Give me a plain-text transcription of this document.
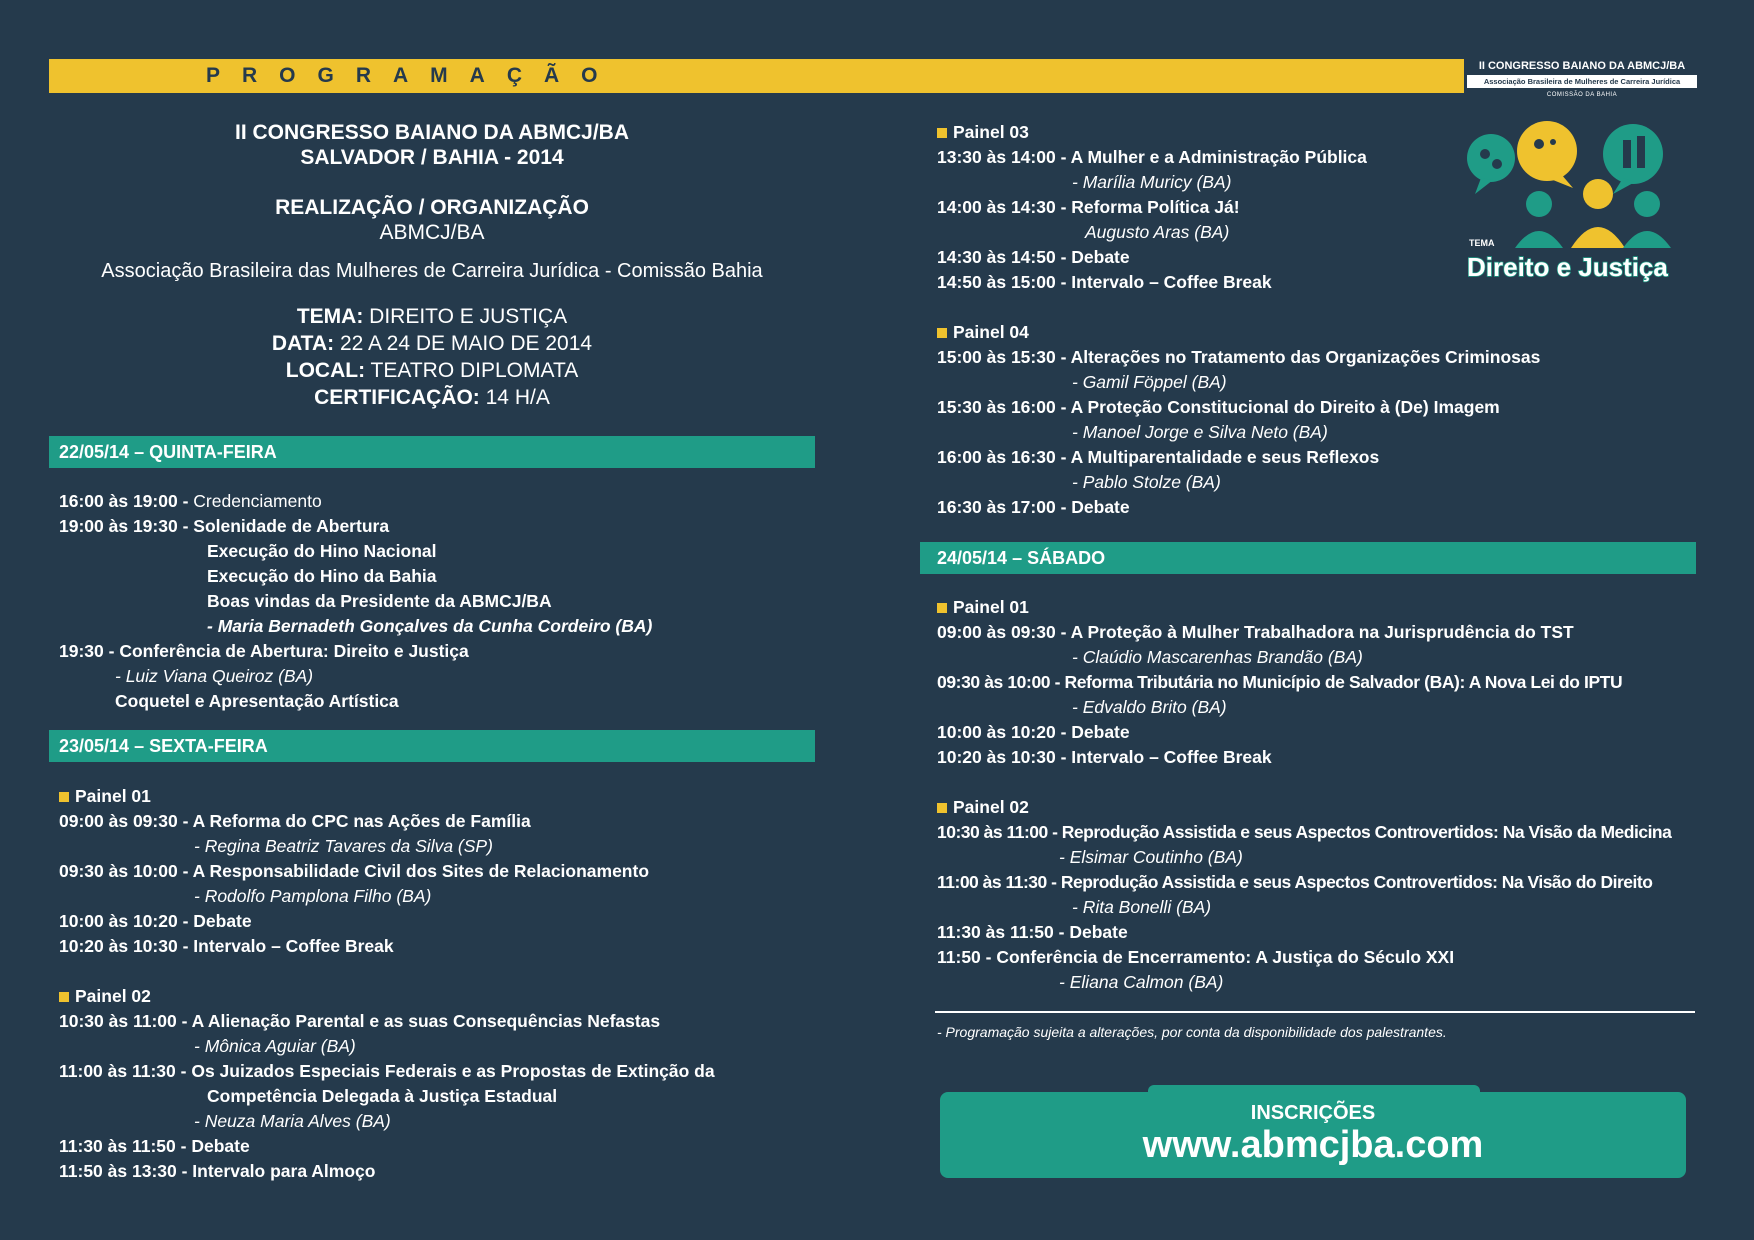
PROGRAMAÇÃO	II CONGRESSO BAIANO DA ABMCJ/BA
Associação Brasileira de Mulheres de Carreira Jurídica
COMISSÃO DA BAHIA
TEMA
Direito e Justiça
II CONGRESSO BAIANO DA ABMCJ/BA
SALVADOR / BAHIA - 2014
REALIZAÇÃO / ORGANIZAÇÃO
ABMCJ/BA
Associação Brasileira das Mulheres de Carreira Jurídica - Comissão Bahia
TEMA: DIREITO E JUSTIÇA
DATA: 22 A 24 DE MAIO DE 2014
LOCAL: TEATRO DIPLOMATA
CERTIFICAÇÃO: 14 H/A
22/05/14 – QUINTA-FEIRA
16:00 às 19:00 - Credenciamento
19:00 às 19:30 - Solenidade de Abertura
Execução do Hino Nacional
Execução do Hino da Bahia
Boas vindas da Presidente da ABMCJ/BA
- Maria Bernadeth Gonçalves da Cunha Cordeiro (BA)
19:30 - Conferência de Abertura: Direito e Justiça
- Luiz Viana Queiroz (BA)
Coquetel e Apresentação Artística
23/05/14 – SEXTA-FEIRA
Painel 01
09:00 às 09:30 - A Reforma do CPC nas Ações de Família
- Regina Beatriz Tavares da Silva (SP)
09:30 às 10:00 - A Responsabilidade Civil dos Sites de Relacionamento
- Rodolfo Pamplona Filho (BA)
10:00 às 10:20 - Debate
10:20 às 10:30 - Intervalo – Coffee Break
Painel 02
10:30 às 11:00 - A Alienação Parental e as suas Consequências Nefastas
- Mônica Aguiar (BA)
11:00 às 11:30 - Os Juizados Especiais Federais e as Propostas de Extinção da
Competência Delegada à Justiça Estadual
- Neuza Maria Alves (BA)
11:30 às 11:50 - Debate
11:50 às 13:30 - Intervalo para Almoço
Painel 03
13:30 às 14:00 - A Mulher e a Administração Pública
- Marília Muricy (BA)
14:00 às 14:30 - Reforma Política Já!
Augusto Aras (BA)
14:30 às 14:50 - Debate
14:50 às 15:00 - Intervalo – Coffee Break
Painel 04
15:00 às 15:30 - Alterações no Tratamento das Organizações Criminosas
- Gamil Föppel (BA)
15:30 às 16:00 - A Proteção Constitucional do Direito à (De) Imagem
- Manoel Jorge e Silva Neto (BA)
16:00 às 16:30 - A Multiparentalidade e seus Reflexos
- Pablo Stolze (BA)
16:30 às 17:00 - Debate
24/05/14 – SÁBADO
Painel 01
09:00 às 09:30 - A Proteção à Mulher Trabalhadora na Jurisprudência do TST
- Claúdio Mascarenhas Brandão (BA)
09:30 às 10:00 - Reforma Tributária no Município de Salvador (BA): A Nova Lei do IPTU
- Edvaldo Brito (BA)
10:00 às 10:20 - Debate
10:20 às 10:30 - Intervalo – Coffee Break
Painel 02
10:30 às 11:00 - Reprodução Assistida e seus Aspectos Controvertidos: Na Visão da Medicina
- Elsimar Coutinho (BA)
11:00 às 11:30 - Reprodução Assistida e seus Aspectos Controvertidos: Na Visão do Direito
- Rita Bonelli (BA)
11:30 às 11:50 - Debate
11:50 - Conferência de Encerramento: A Justiça do Século XXI
- Eliana Calmon (BA)
- Programação sujeita a alterações, por conta da disponibilidade dos palestrantes.
INSCRIÇÕES
www.abmcjba.com
